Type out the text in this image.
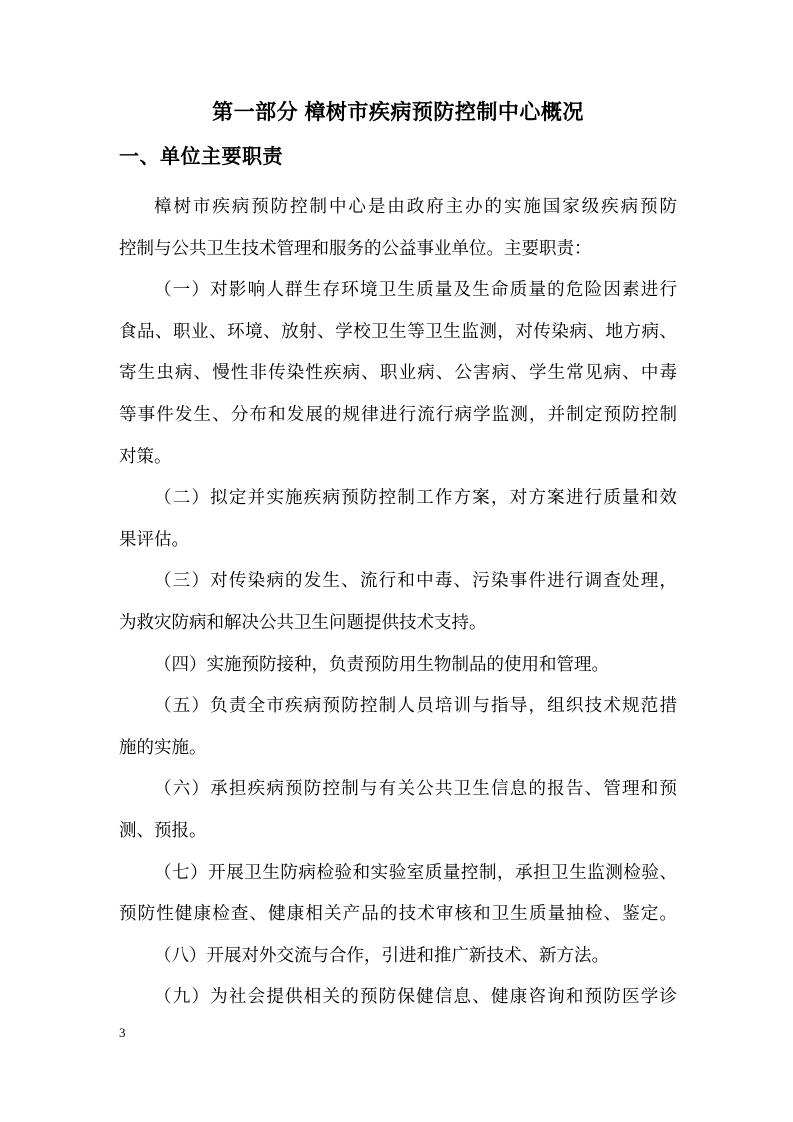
第一部分 樟树市疾病预防控制中心概况
一、单位主要职责
樟树市疾病预防控制中心是由政府主办的实施国家级疾病预防
控制与公共卫生技术管理和服务的公益事业单位。主要职责：
（一）对影响人群生存环境卫生质量及生命质量的危险因素进行
食品、职业、环境、放射、学校卫生等卫生监测，对传染病、地方病、
寄生虫病、慢性非传染性疾病、职业病、公害病、学生常见病、中毒
等事件发生、分布和发展的规律进行流行病学监测，并制定预防控制
对策。
（二）拟定并实施疾病预防控制工作方案，对方案进行质量和效
果评估。
（三）对传染病的发生、流行和中毒、污染事件进行调查处理，
为救灾防病和解决公共卫生问题提供技术支持。
（四）实施预防接种，负责预防用生物制品的使用和管理。
（五）负责全市疾病预防控制人员培训与指导，组织技术规范措
施的实施。
（六）承担疾病预防控制与有关公共卫生信息的报告、管理和预
测、预报。
（七）开展卫生防病检验和实验室质量控制，承担卫生监测检验、
预防性健康检查、健康相关产品的技术审核和卫生质量抽检、鉴定。
（八）开展对外交流与合作，引进和推广新技术、新方法。
（九）为社会提供相关的预防保健信息、健康咨询和预防医学诊
3
